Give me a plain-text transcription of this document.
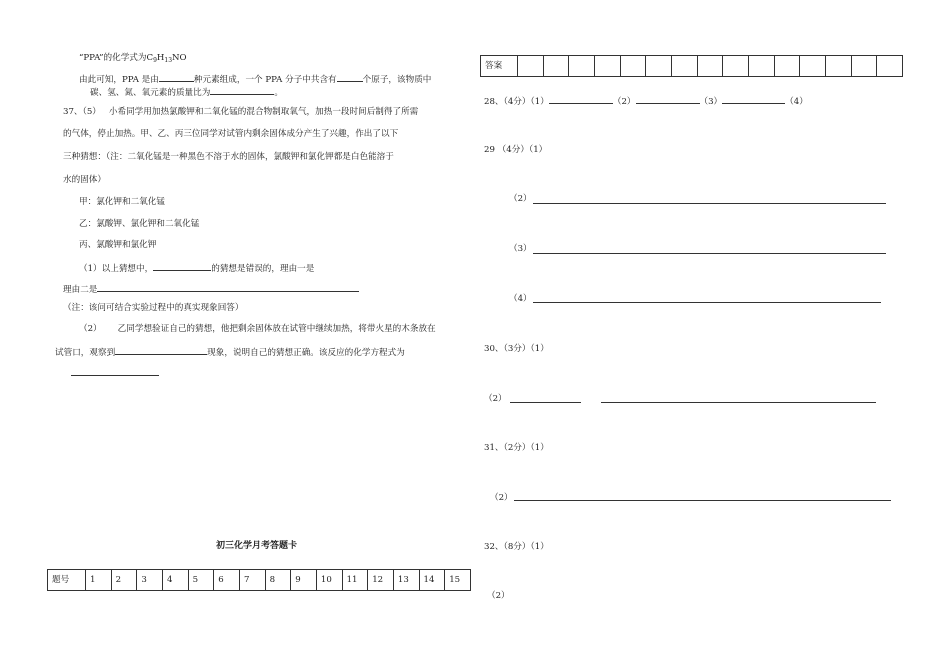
“PPA”的化学式为$C_9H_{13}NO$
由此可知，PPA 是由	种元素组成，一个 PPA 分子中共含有	个原子，该物质中
碳、氢、氮、氧元素的质量比为	。
37、（5） 小希同学用加热氯酸钾和二氧化锰的混合物制取氧气，加热一段时间后制得了所需
的气体，停止加热。甲、乙、丙三位同学对试管内剩余固体成分产生了兴趣，作出了以下
三种猜想：（注：二氧化锰是一种黑色不溶于水的固体，氯酸钾和氯化钾都是白色能溶于
水的固体）
甲：氯化钾和二氧化锰
乙：氯酸钾、氯化钾和二氧化锰
丙、氯酸钾和氯化钾
（1）以上猜想中，	的猜想是错误的，理由一是
理由二是
（注：该问可结合实验过程中的真实现象回答）
（2） 乙同学想验证自己的猜想，他把剩余固体放在试管中继续加热，将带火星的木条放在
试管口，观察到	现象，说明自己的猜想正确。该反应的化学方程式为
初三化学月考答题卡
题号	1	2	3	4	5	6	7	8	9	10	11	12	13	14	15
答案															
28、（4分）（1）	（2）	（3）	（4）
29 （4分）（1）
（2）
（3）
（4）
30、（3分）（1）
（2）
31、（2分）（1）
（2）
32、（8分）（1）
（2）
